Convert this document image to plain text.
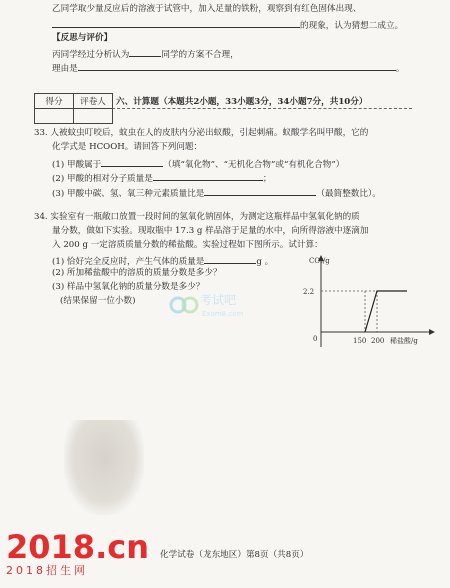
乙同学取少量反应后的溶液于试管中，加入足量的铁粉，观察到有红色固体出现、
的现象，认为猜想二成立。
【反思与评价】
丙同学经过分析认为	同学的方案不合理，
理由是	。
得分	评卷人
	六、计算题（本题共2小题，33小题3分，34小题7分，共10分）
33. 人被蚊虫叮咬后，蚊虫在人的皮肤内分泌出蚁酸，引起刺痛。蚁酸学名叫甲酸，它的
化学式是 HCOOH。请回答下列问题：
(1) 甲酸属于	（填“氧化物”、“无机化合物”或“有机化合物”）
(2) 甲酸的相对分子质量是	；
(3) 甲酸中碳、氢、氧三种元素质量比是	（最简整数比）。
34. 实验室有一瓶敞口放置一段时间的氢氧化钠固体，为测定这瓶样品中氢氧化钠的质
量分数，做如下实验。现取瓶中 17.3 g 样品溶于足量的水中，向所得溶液中逐滴加
入 200 g 一定溶质质量分数的稀盐酸。实验过程如下图所示。试计算：
(1) 恰好完全反应时，产生气体的质量是	g 。
(2) 所加稀盐酸中的溶质的质量分数是多少？
(3) 样品中氢氧化钠的质量分数是多少？
(结果保留一位小数)
CO₂/g
2.2
0	150 200 稀盐酸/g
考试吧
Exam8.com
化学试卷（龙东地区）第8页（共8页）
2018.cn
2018招生网
